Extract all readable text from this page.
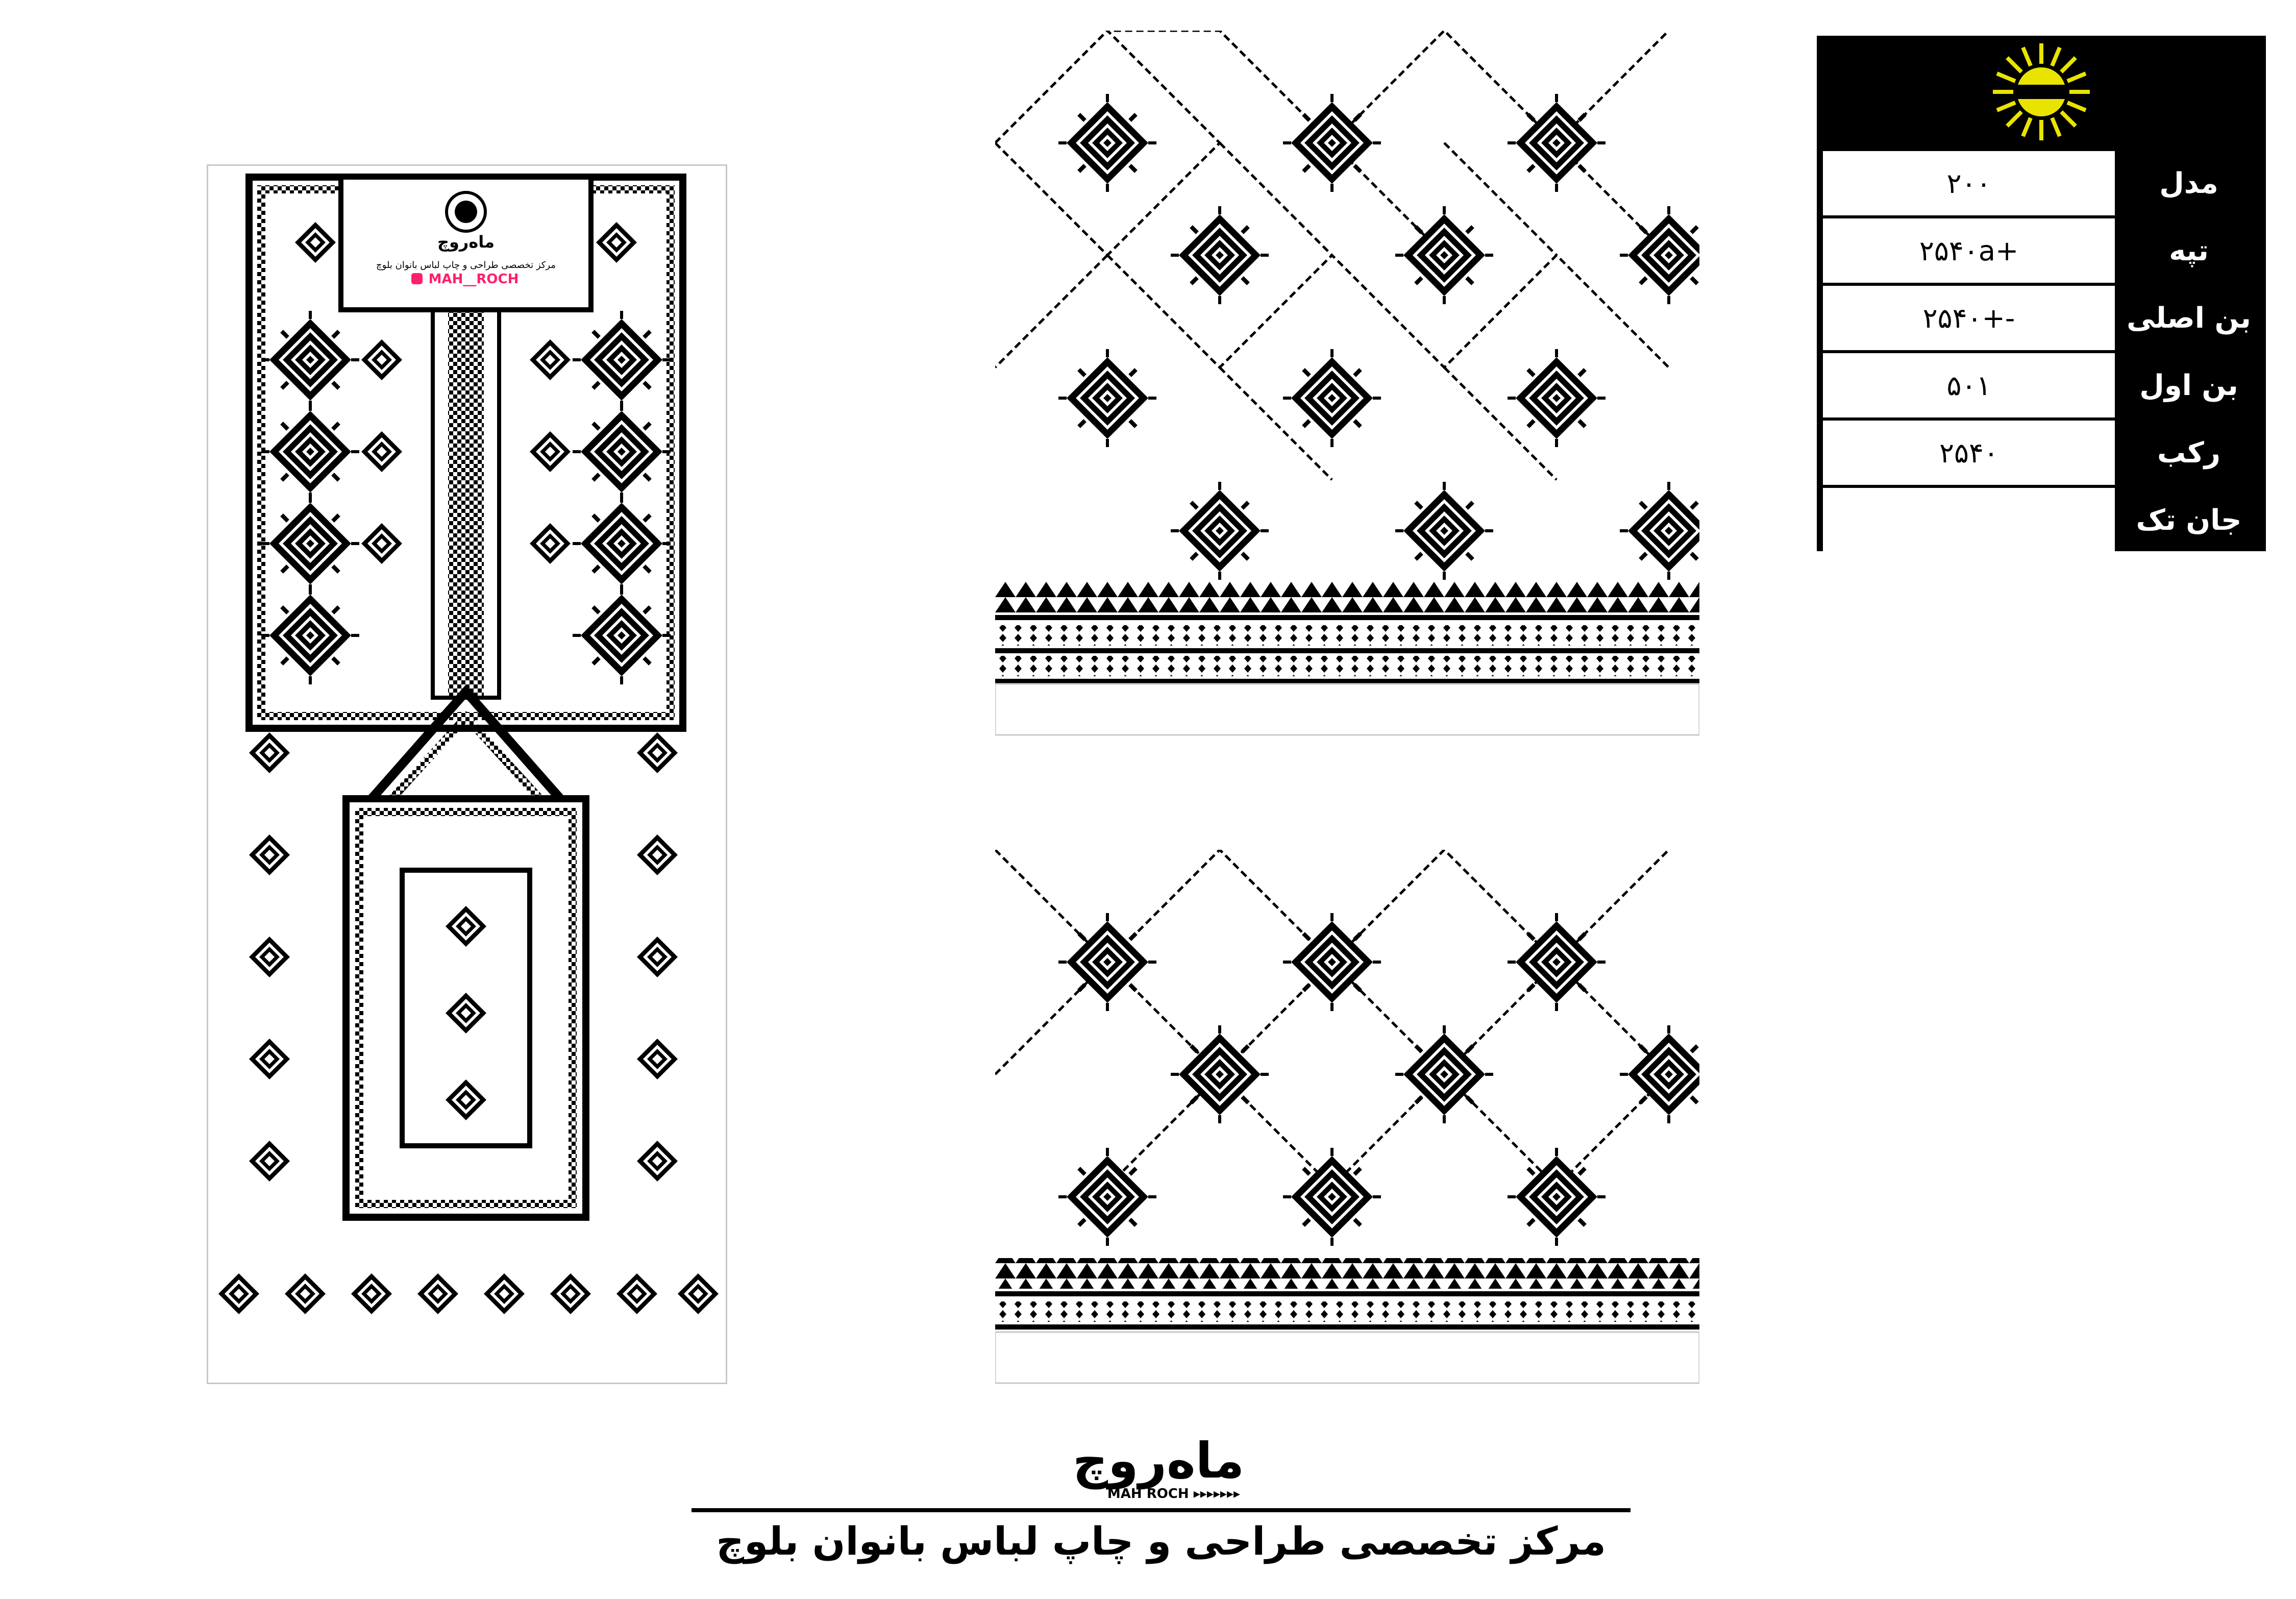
ماه‌روچ
مرکز تخصصی طراحی و چاپ لباس بانوان بلوچ
MAH__ROCH
۲۰۰	مدل
+۲۵۴۰a	تپه
-+۲۵۴۰	بن اصلی
۵۰۱	بن اول
۲۵۴۰	رکب
جان تک
ماه‌روچ
MAH ROCH ▸▸▸▸▸▸▸
مرکز تخصصی طراحی و چاپ لباس بانوان بلوچ
